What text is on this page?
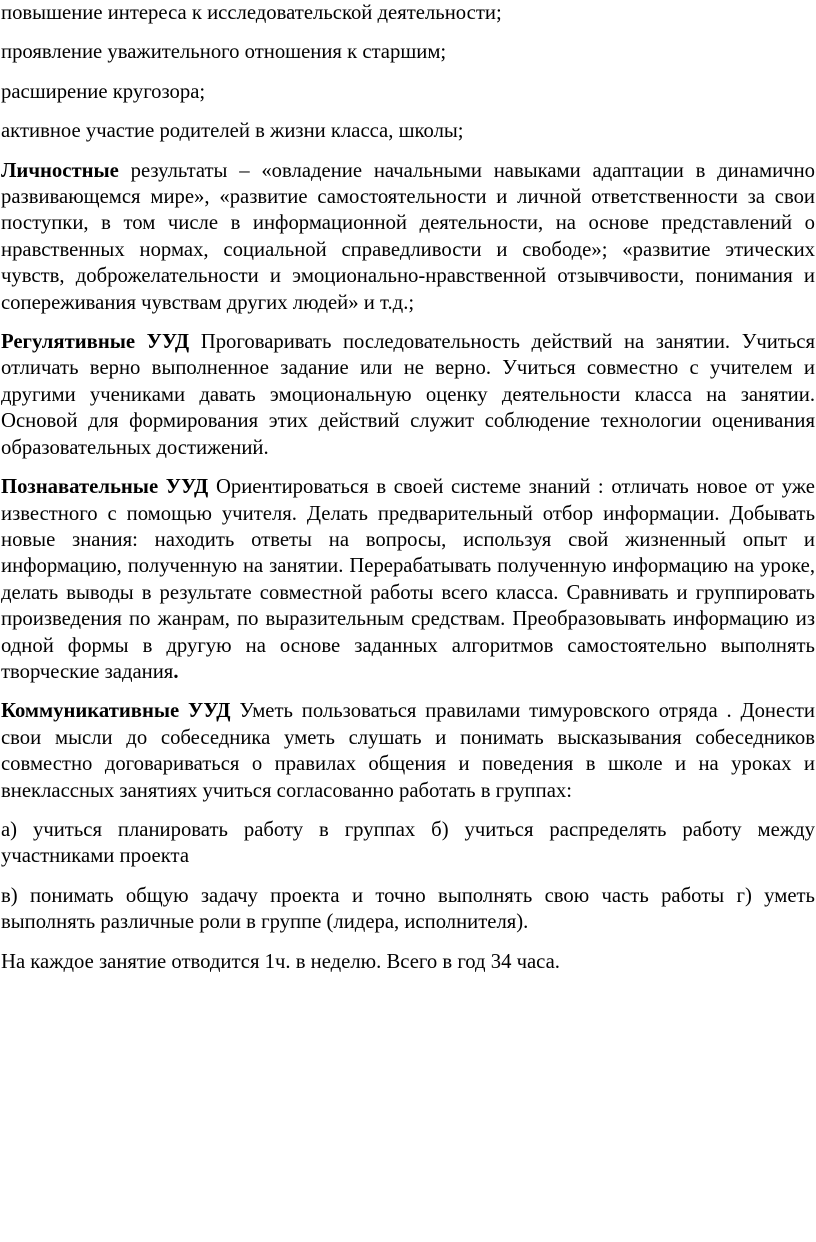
повышение интереса к исследовательской деятельности;

проявление уважительного отношения к старшим;

расширение кругозора;

активное участие родителей в жизни класса, школы;

Личностные результаты – «овладение начальными навыками адаптации в динамично развивающемся мире», «развитие самостоятельности и личной ответственности за свои поступки, в том числе в информационной деятельности, на основе представлений о нравственных нормах, социальной справедливости и свободе»; «развитие этических чувств, доброжелательности и эмоционально-нравственной отзывчивости, понимания и сопереживания чувствам других людей» и т.д.;

Регулятивные УУД Проговаривать последовательность действий на занятии. Учиться отличать верно выполненное задание или не верно. Учиться совместно с учителем и другими учениками давать эмоциональную оценку деятельности класса на занятии. Основой для формирования этих действий служит соблюдение технологии оценивания образовательных достижений.

Познавательные УУД Ориентироваться в своей системе знаний : отличать новое от уже известного с помощью учителя. Делать предварительный отбор информации. Добывать новые знания: находить ответы на вопросы, используя свой жизненный опыт и информацию, полученную на занятии. Перерабатывать полученную информацию на уроке, делать выводы в результате совместной работы всего класса. Сравнивать и группировать произведения по жанрам, по выразительным средствам. Преобразовывать информацию из одной формы в другую на основе заданных алгоритмов самостоятельно выполнять творческие задания.

Коммуникативные УУД Уметь пользоваться правилами тимуровского отряда . Донести свои мысли до собеседника уметь слушать и понимать высказывания собеседников совместно договариваться о правилах общения и поведения в школе и на уроках и внеклассных занятиях учиться согласованно работать в группах:

а) учиться планировать работу в группах б) учиться распределять работу между участниками проекта

в) понимать общую задачу проекта и точно выполнять свою часть работы г) уметь выполнять различные роли в группе (лидера, исполнителя).

На каждое занятие отводится 1ч. в неделю. Всего в год 34 часа.
